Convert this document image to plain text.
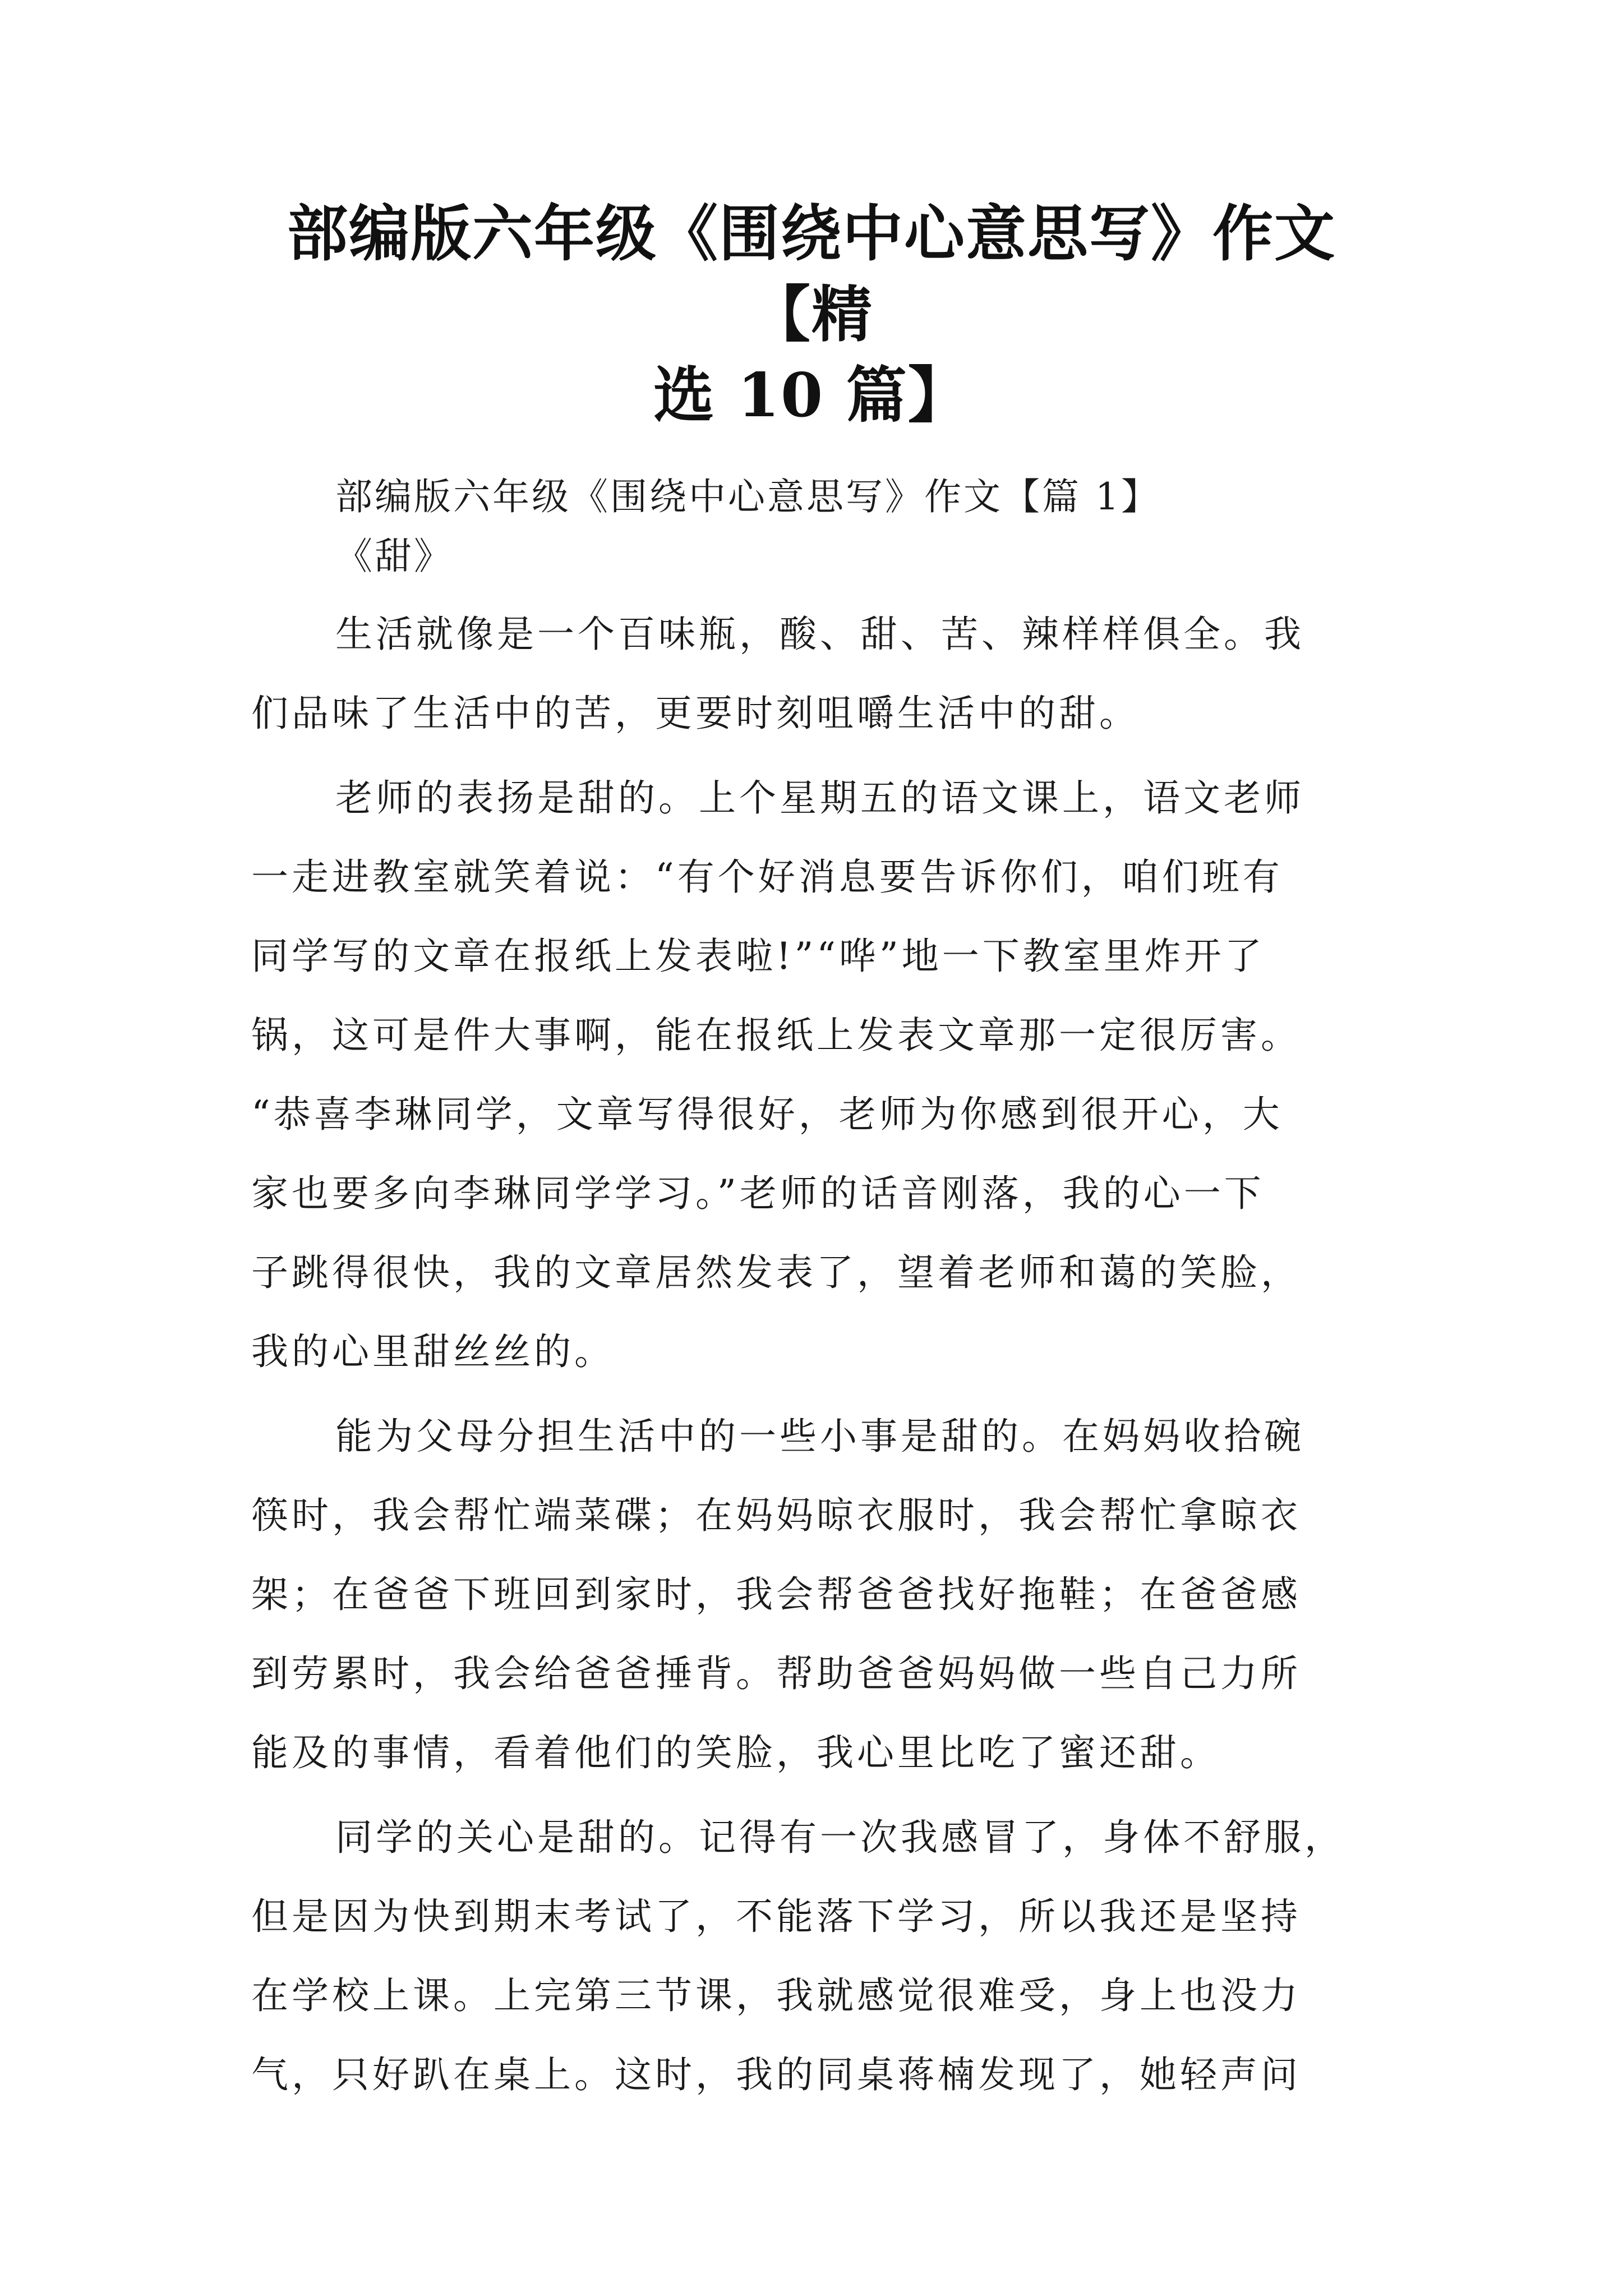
部编版六年级《围绕中心意思写》作文【精
选 10 篇】

部编版六年级《围绕中心意思写》作文【篇 1】

《甜》

生活就像是一个百味瓶，酸、甜、苦、辣样样俱全。我
们品味了生活中的苦，更要时刻咀嚼生活中的甜。
老师的表扬是甜的。上个星期五的语文课上，语文老师
一走进教室就笑着说：“有个好消息要告诉你们，咱们班有
同学写的文章在报纸上发表啦!”“哗”地一下教室里炸开了
锅，这可是件大事啊，能在报纸上发表文章那一定很厉害。
“恭喜李琳同学，文章写得很好，老师为你感到很开心，大
家也要多向李琳同学学习。”老师的话音刚落，我的心一下
子跳得很快，我的文章居然发表了，望着老师和蔼的笑脸，
我的心里甜丝丝的。
能为父母分担生活中的一些小事是甜的。在妈妈收拾碗
筷时，我会帮忙端菜碟；在妈妈晾衣服时，我会帮忙拿晾衣
架；在爸爸下班回到家时，我会帮爸爸找好拖鞋；在爸爸感
到劳累时，我会给爸爸捶背。帮助爸爸妈妈做一些自己力所
能及的事情，看着他们的笑脸，我心里比吃了蜜还甜。
同学的关心是甜的。记得有一次我感冒了，身体不舒服，
但是因为快到期末考试了，不能落下学习，所以我还是坚持
在学校上课。上完第三节课，我就感觉很难受，身上也没力
气，只好趴在桌上。这时，我的同桌蒋楠发现了，她轻声问
